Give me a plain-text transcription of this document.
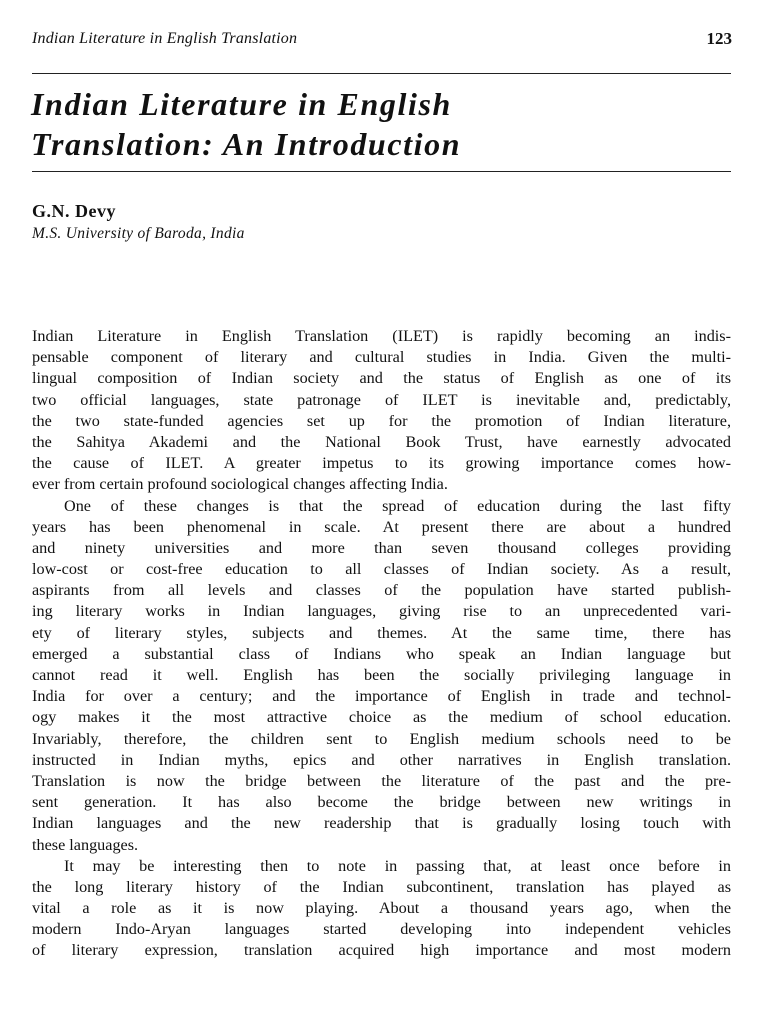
Indian Literature in English Translation	123
Indian Literature in English
Translation: An Introduction
G.N. Devy
M.S. University of Baroda, India
Indian Literature in English Translation (ILET) is rapidly becoming an indis-
pensable component of literary and cultural studies in India. Given the multi-
lingual composition of Indian society and the status of English as one of its
two official languages, state patronage of ILET is inevitable and, predictably,
the two state-funded agencies set up for the promotion of Indian literature,
the Sahitya Akademi and the National Book Trust, have earnestly advocated
the cause of ILET. A greater impetus to its growing importance comes how-
ever from certain profound sociological changes affecting India.
One of these changes is that the spread of education during the last fifty
years has been phenomenal in scale. At present there are about a hundred
and ninety universities and more than seven thousand colleges providing
low-cost or cost-free education to all classes of Indian society. As a result,
aspirants from all levels and classes of the population have started publish-
ing literary works in Indian languages, giving rise to an unprecedented vari-
ety of literary styles, subjects and themes. At the same time, there has
emerged a substantial class of Indians who speak an Indian language but
cannot read it well. English has been the socially privileging language in
India for over a century; and the importance of English in trade and technol-
ogy makes it the most attractive choice as the medium of school education.
Invariably, therefore, the children sent to English medium schools need to be
instructed in Indian myths, epics and other narratives in English translation.
Translation is now the bridge between the literature of the past and the pre-
sent generation. It has also become the bridge between new writings in
Indian languages and the new readership that is gradually losing touch with
these languages.
It may be interesting then to note in passing that, at least once before in
the long literary history of the Indian subcontinent, translation has played as
vital a role as it is now playing. About a thousand years ago, when the
modern Indo-Aryan languages started developing into independent vehicles
of literary expression, translation acquired high importance and most modern
